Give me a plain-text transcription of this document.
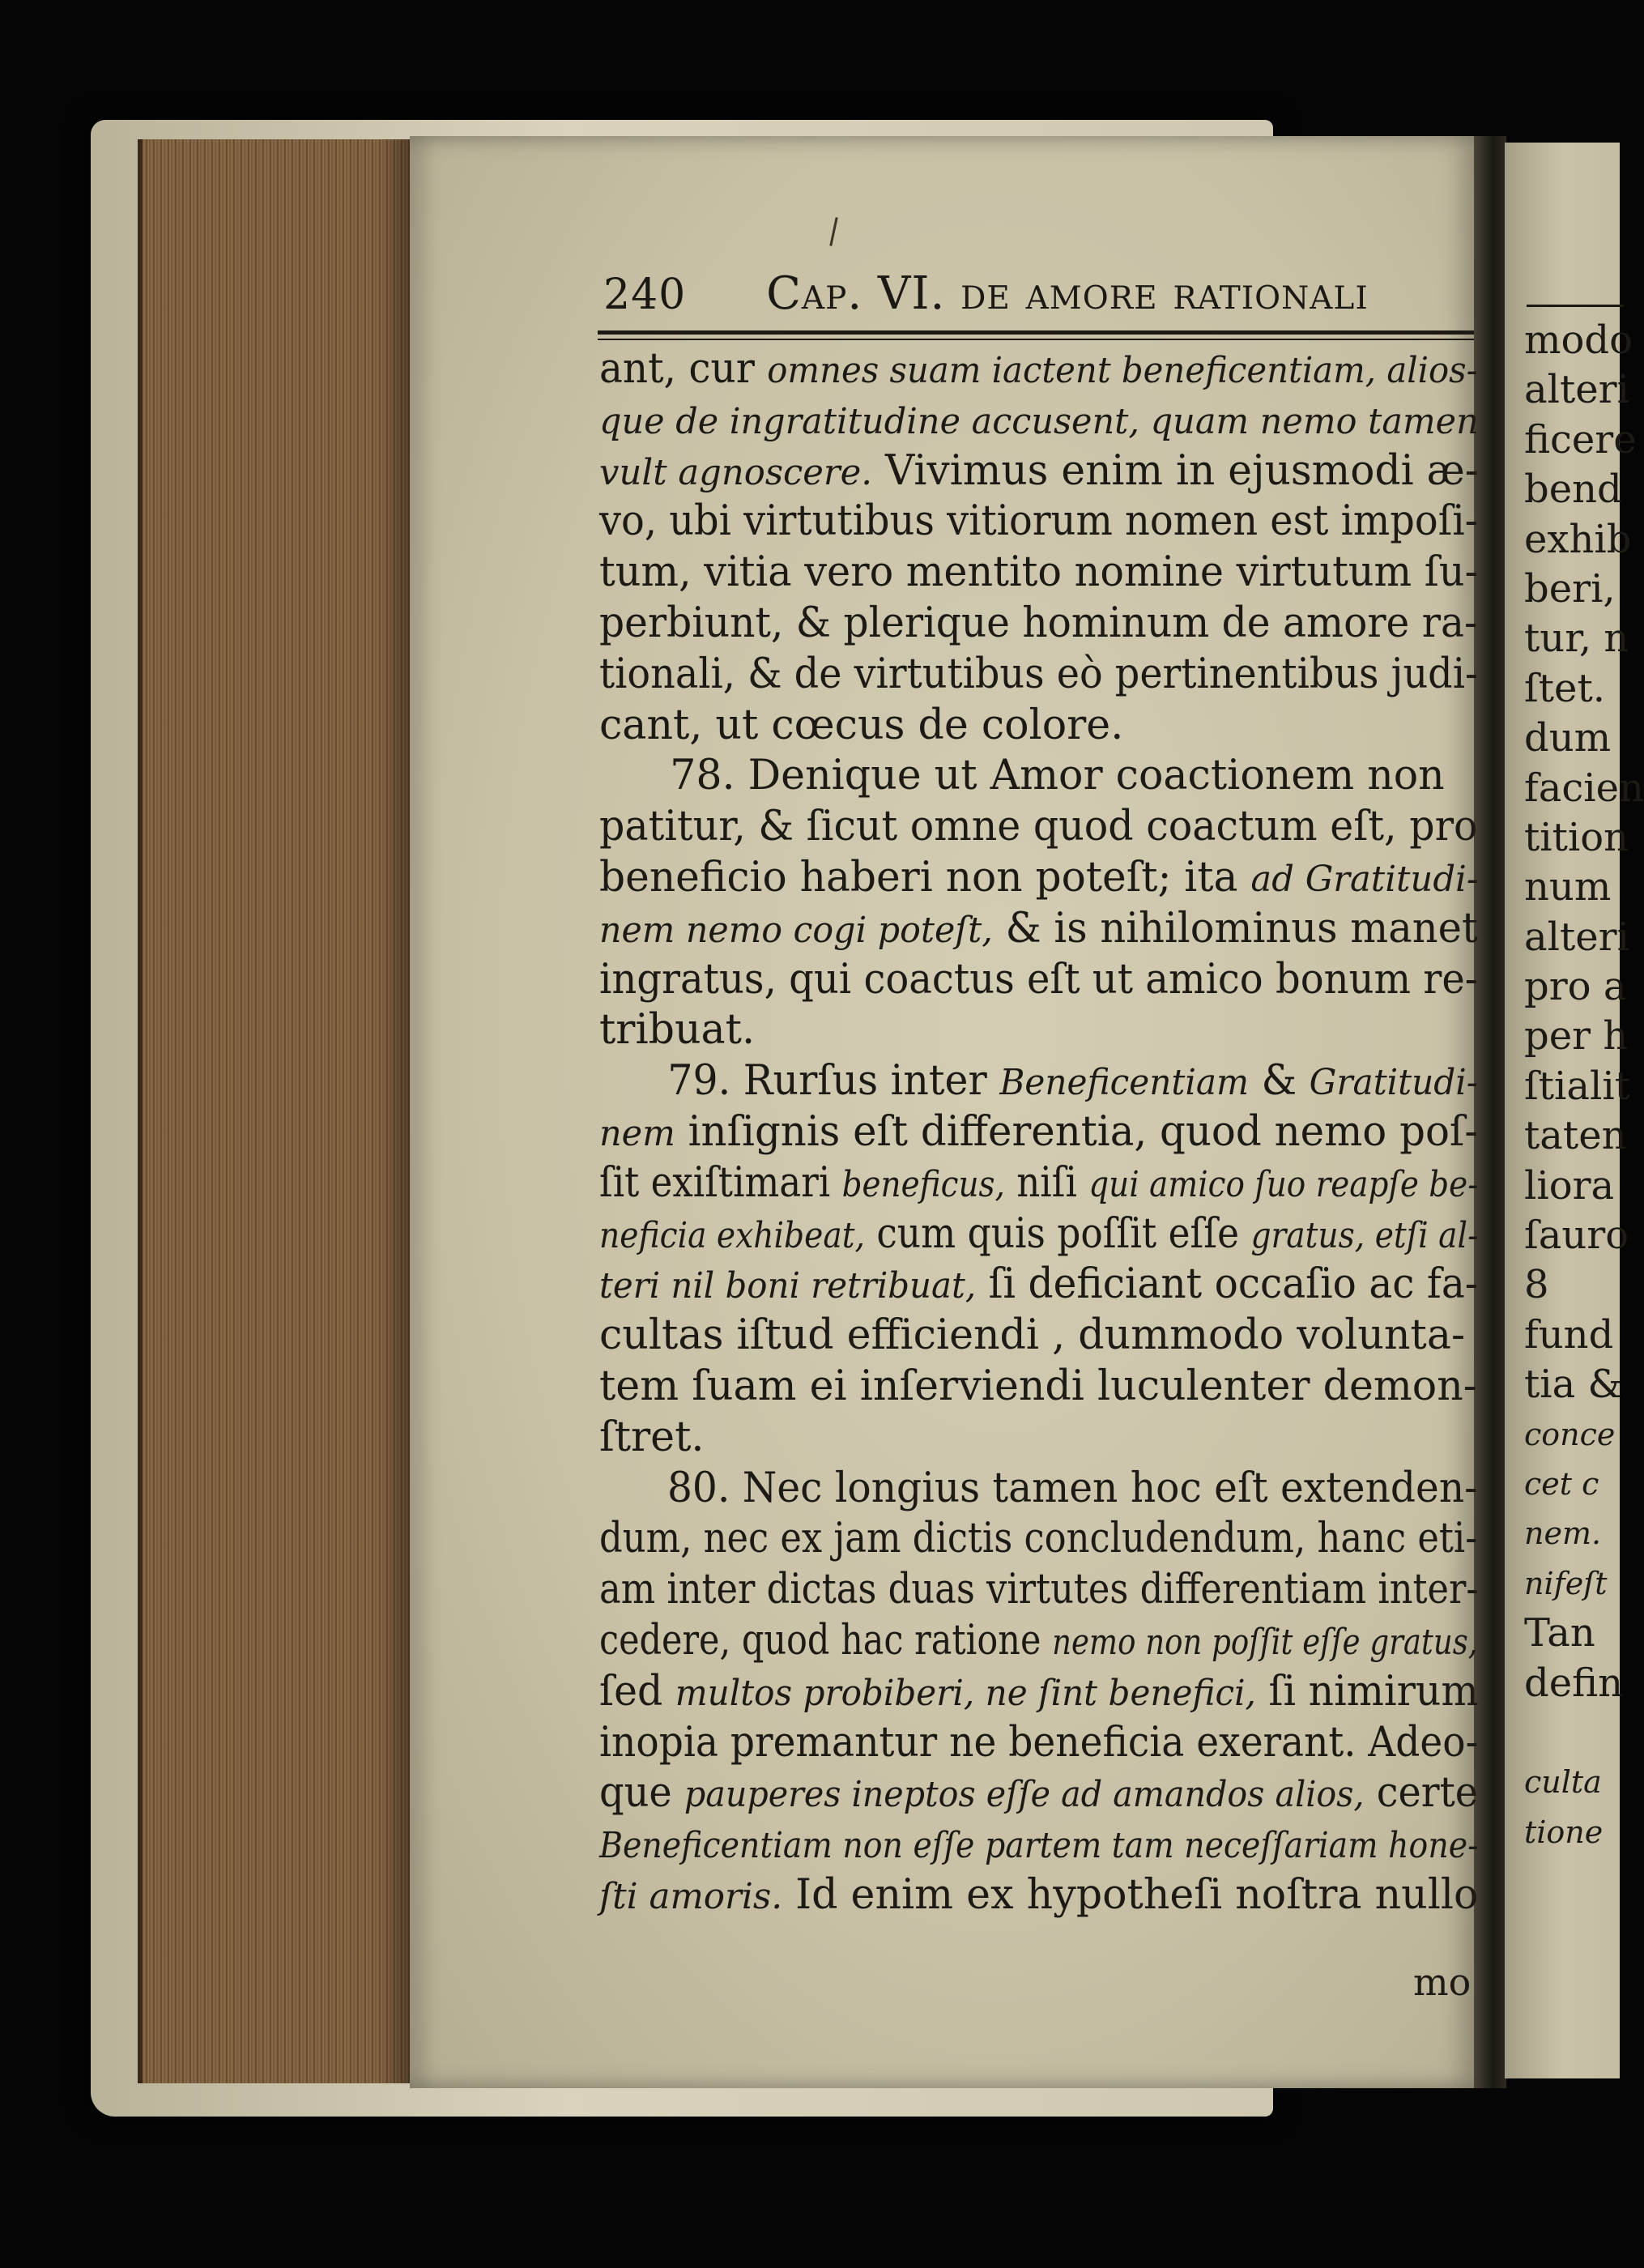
240 Cap. VI. de amore rationali
ant, cur omnes suam iactent beneficentiam, alios-
que de ingratitudine accusent, quam nemo tamen
vult agnoscere. Vivimus enim in ejusmodi æ-
vo, ubi virtutibus vitiorum nomen est impoſi-
tum, vitia vero mentito nomine virtutum ſu-
perbiunt, & plerique hominum de amore ra-
tionali, & de virtutibus eò pertinentibus judi-
cant, ut cœcus de colore.
78. Denique ut Amor coactionem non
patitur, & ſicut omne quod coactum eſt, pro
beneficio haberi non poteſt; ita ad Gratitudi-
nem nemo cogi poteſt, & is nihilominus manet
ingratus, qui coactus eſt ut amico bonum re-
tribuat.
79. Rurſus inter Beneficentiam & Gratitudi-
nem inſignis eſt differentia, quod nemo poſ-
ſit exiſtimari beneficus, niſi qui amico ſuo reapſe be-
neficia exhibeat, cum quis poſſit eſſe gratus, etſi al-
teri nil boni retribuat, ſi deficiant occaſio ac fa-
cultas iſtud efficiendi , dummodo volunta-
tem ſuam ei inſerviendi luculenter demon-
ſtret.
80. Nec longius tamen hoc eſt extenden-
dum, nec ex jam dictis concludendum, hanc eti-
am inter dictas duas virtutes differentiam inter-
cedere, quod hac ratione nemo non poſſit eſſe gratus,
ſed multos probiberi, ne ſint benefici, ſi nimirum
inopia premantur ne beneficia exerant. Adeo-
que pauperes ineptos eſſe ad amandos alios, certe
Beneficentiam non eſſe partem tam neceſſariam hone-
ſti amoris. Id enim ex hypotheſi noſtra nullo
mo
modo
alteri
ficere
bend
exhib
beri,
tur, n
ſtet.
dum
facien
tition
num
alteri
pro a
per h
ſtialit
taten
liora
ſauro
8
fund
tia &
conce
cet c
nem.
nifeſt
Tan
defin
culta
tione
